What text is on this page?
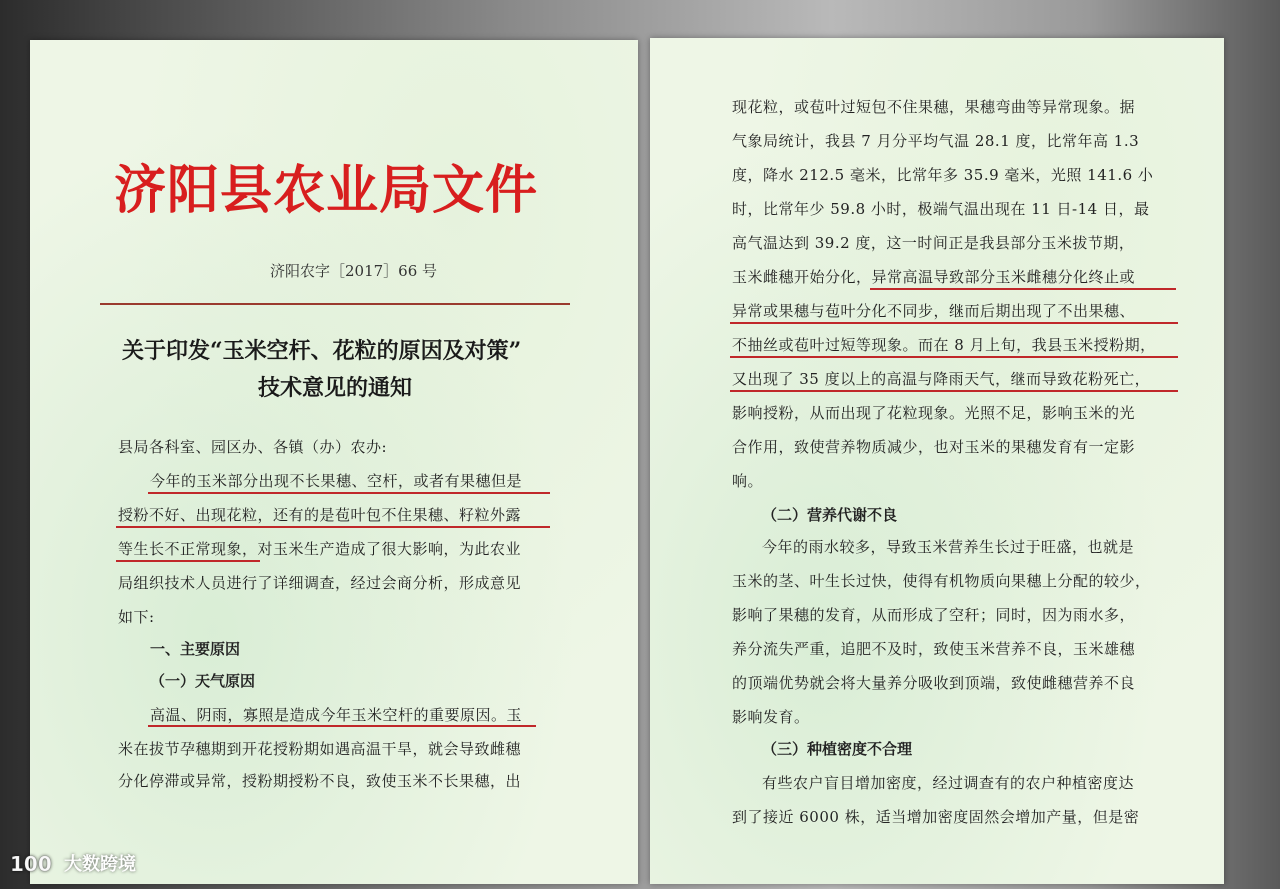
济阳县农业局文件
济阳农字［2017］66 号
关于印发“玉米空杆、花粒的原因及对策”
技术意见的通知
县局各科室、园区办、各镇（办）农办:
今年的玉米部分出现不长果穗、空杆，或者有果穗但是
授粉不好、出现花粒，还有的是苞叶包不住果穗、籽粒外露
等生长不正常现象，对玉米生产造成了很大影响，为此农业
局组织技术人员进行了详细调查，经过会商分析，形成意见
如下:
一、主要原因
（一）天气原因
高温、阴雨，寡照是造成今年玉米空杆的重要原因。玉
米在拔节孕穗期到开花授粉期如遇高温干旱，就会导致雌穗
分化停滞或异常，授粉期授粉不良，致使玉米不长果穗，出
现花粒，或苞叶过短包不住果穗，果穗弯曲等异常现象。据
气象局统计，我县 7 月分平均气温 28.1 度，比常年高 1.3
度，降水 212.5 毫米，比常年多 35.9 毫米，光照 141.6 小
时，比常年少 59.8 小时，极端气温出现在 11 日-14 日，最
高气温达到 39.2 度，这一时间正是我县部分玉米拔节期，
玉米雌穗开始分化，异常高温导致部分玉米雌穗分化终止或
异常或果穗与苞叶分化不同步，继而后期出现了不出果穗、
不抽丝或苞叶过短等现象。而在 8 月上旬，我县玉米授粉期，
又出现了 35 度以上的高温与降雨天气，继而导致花粉死亡，
影响授粉，从而出现了花粒现象。光照不足，影响玉米的光
合作用，致使营养物质减少，也对玉米的果穗发育有一定影
响。
（二）营养代谢不良
今年的雨水较多，导致玉米营养生长过于旺盛，也就是
玉米的茎、叶生长过快，使得有机物质向果穗上分配的较少，
影响了果穗的发育，从而形成了空秆；同时，因为雨水多，
养分流失严重，追肥不及时，致使玉米营养不良，玉米雄穗
的顶端优势就会将大量养分吸收到顶端，致使雌穗营养不良
影响发育。
（三）种植密度不合理
有些农户盲目增加密度，经过调查有的农户种植密度达
到了接近 6000 株，适当增加密度固然会增加产量，但是密
100 大数跨境
